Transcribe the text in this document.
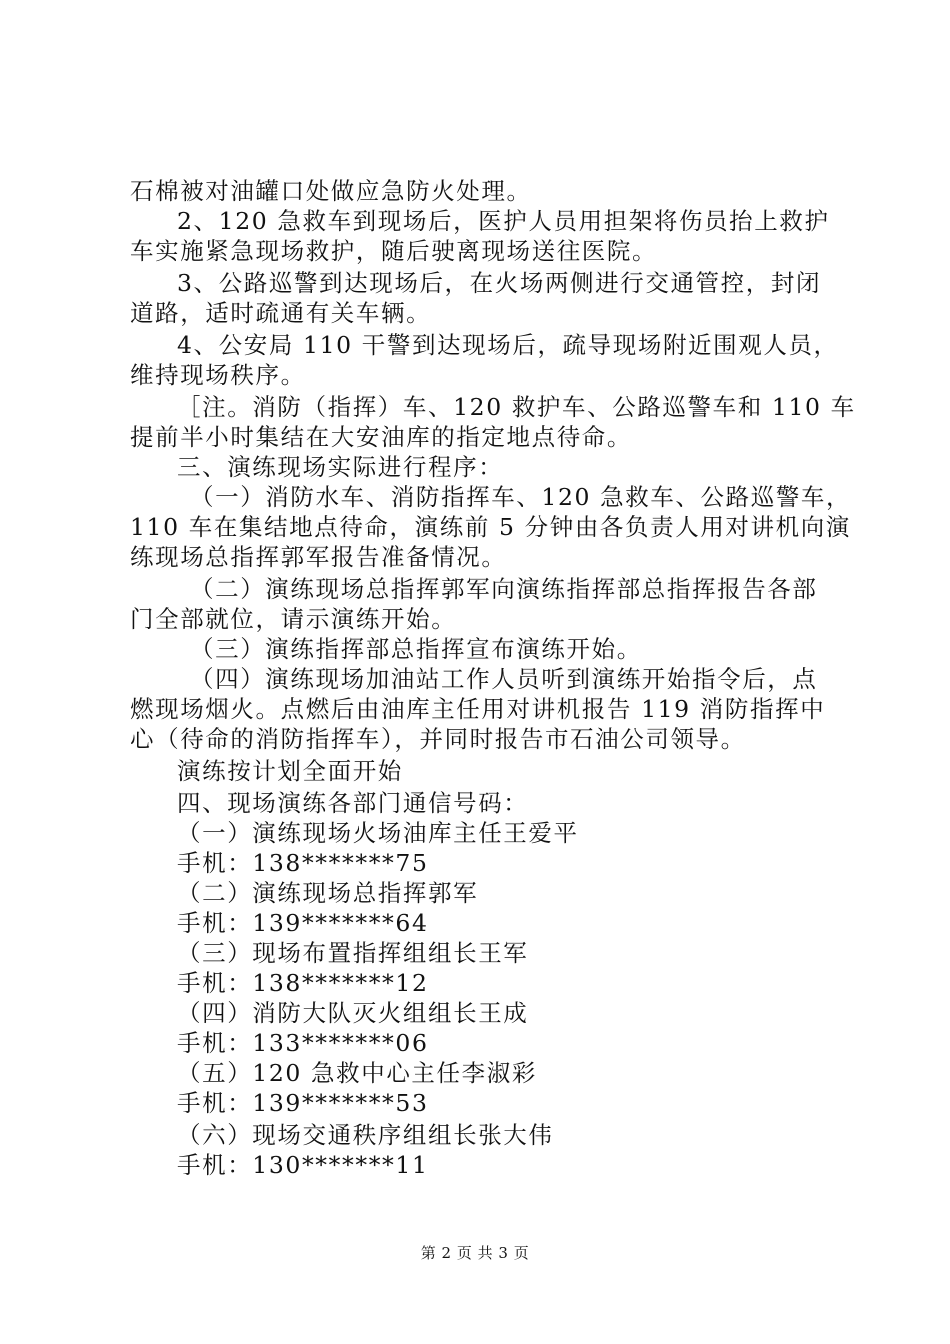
石棉被对油罐口处做应急防火处理。
2、120 急救车到现场后，医护人员用担架将伤员抬上救护
车实施紧急现场救护，随后驶离现场送往医院。
3、公路巡警到达现场后，在火场两侧进行交通管控，封闭
道路，适时疏通有关车辆。
4、公安局 110 干警到达现场后，疏导现场附近围观人员，
维持现场秩序。
［注。消防（指挥）车、120 救护车、公路巡警车和 110 车
提前半小时集结在大安油库的指定地点待命。
三、演练现场实际进行程序：
（一）消防水车、消防指挥车、120 急救车、公路巡警车，
110 车在集结地点待命，演练前 5 分钟由各负责人用对讲机向演
练现场总指挥郭军报告准备情况。
（二）演练现场总指挥郭军向演练指挥部总指挥报告各部
门全部就位，请示演练开始。
（三）演练指挥部总指挥宣布演练开始。
（四）演练现场加油站工作人员听到演练开始指令后，点
燃现场烟火。点燃后由油库主任用对讲机报告 119 消防指挥中
心（待命的消防指挥车），并同时报告市石油公司领导。
演练按计划全面开始
四、现场演练各部门通信号码：
（一）演练现场火场油库主任王爱平
手机：138*******75
（二）演练现场总指挥郭军
手机：139*******64
（三）现场布置指挥组组长王军
手机：138*******12
（四）消防大队灭火组组长王成
手机：133*******06
（五）120 急救中心主任李淑彩
手机：139*******53
（六）现场交通秩序组组长张大伟
手机：130*******11
第 2 页 共 3 页
